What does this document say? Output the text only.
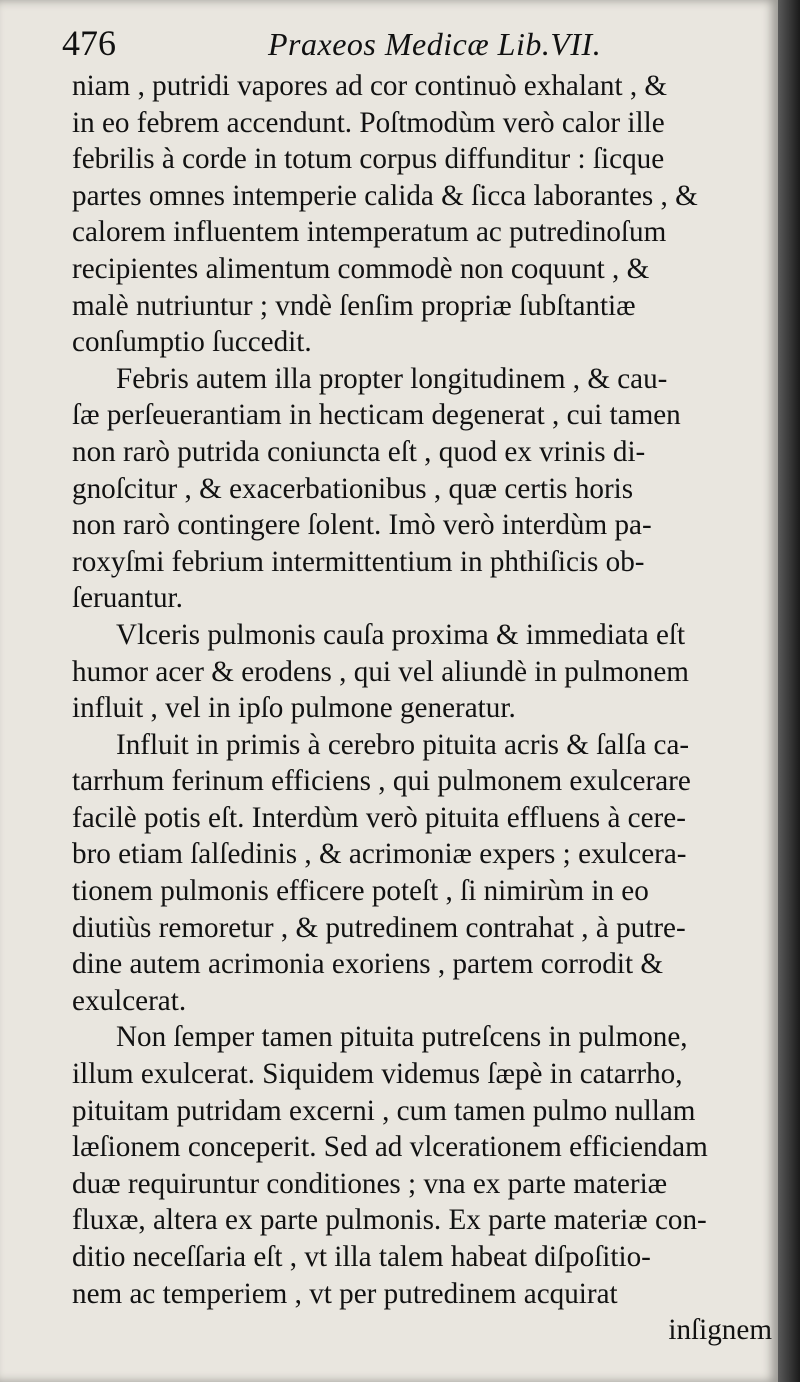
476	Praxeos Medicæ Lib.VII.
niam , putridi vapores ad cor continuò exhalant , &
in eo febrem accendunt. Poſtmodùm verò calor ille
febrilis à corde in totum corpus diffunditur : ſicque
partes omnes intemperie calida & ſicca laborantes , &
calorem influentem intemperatum ac putredinoſum
recipientes alimentum commodè non coquunt , &
malè nutriuntur ; vndè ſenſim propriæ ſubſtantiæ
conſumptio ſuccedit.
Febris autem illa propter longitudinem , & cau-
ſæ perſeuerantiam in hecticam degenerat , cui tamen
non rarò putrida coniuncta eſt , quod ex vrinis di-
gnoſcitur , & exacerbationibus , quæ certis horis
non rarò contingere ſolent. Imò verò interdùm pa-
roxyſmi febrium intermittentium in phthiſicis ob-
ſeruantur.
Vlceris pulmonis cauſa proxima & immediata eſt
humor acer & erodens , qui vel aliundè in pulmonem
influit , vel in ipſo pulmone generatur.
Influit in primis à cerebro pituita acris & ſalſa ca-
tarrhum ferinum efficiens , qui pulmonem exulcerare
facilè potis eſt. Interdùm verò pituita effluens à cere-
bro etiam ſalſedinis , & acrimoniæ expers ; exulcera-
tionem pulmonis efficere poteſt , ſi nimirùm in eo
diutiùs remoretur , & putredinem contrahat , à putre-
dine autem acrimonia exoriens , partem corrodit &
exulcerat.
Non ſemper tamen pituita putreſcens in pulmone,
illum exulcerat. Siquidem videmus ſæpè in catarrho,
pituitam putridam excerni , cum tamen pulmo nullam
læſionem conceperit. Sed ad vlcerationem efficiendam
duæ requiruntur conditiones ; vna ex parte materiæ
fluxæ, altera ex parte pulmonis. Ex parte materiæ con-
ditio neceſſaria eſt , vt illa talem habeat diſpoſitio-
nem ac temperiem , vt per putredinem acquirat
inſignem
